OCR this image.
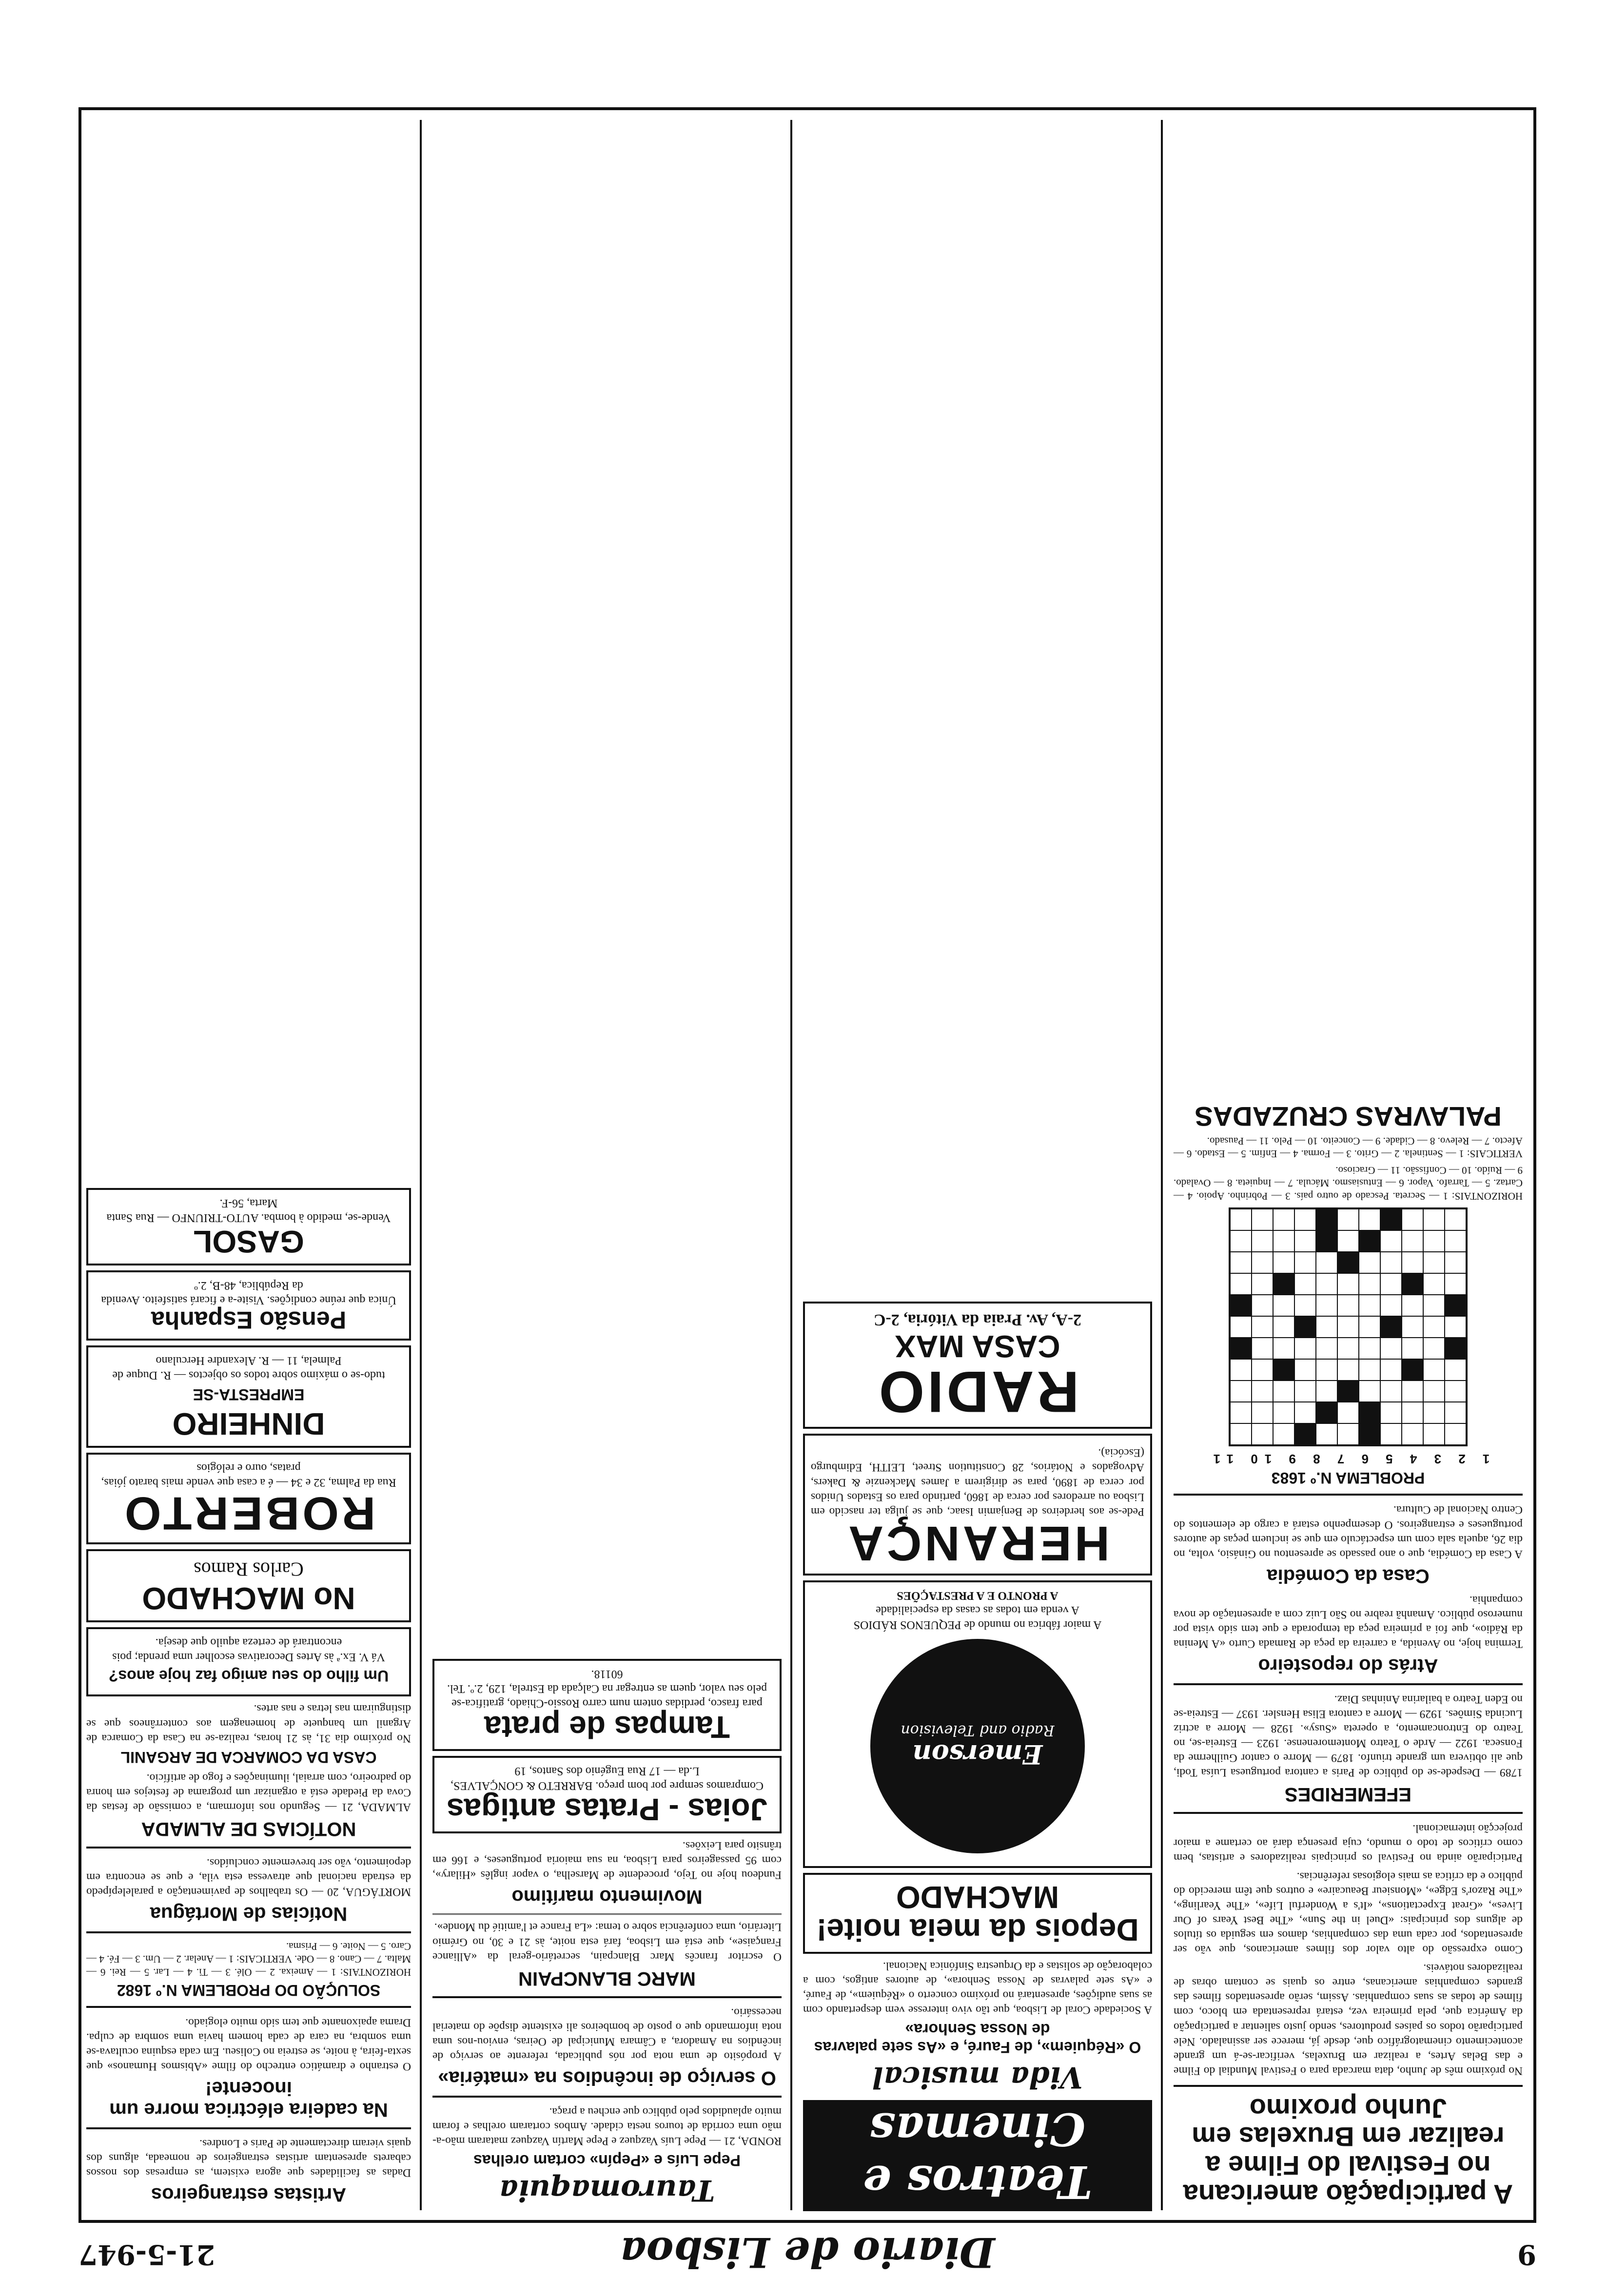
9
Diario de Lisboa
21-5-947
A participação americana no Festival do Filme a realizar em Bruxelas em Junho proximo

No próximo mês de Junho, data marcada para o Festival Mundial do Filme e das Belas Artes, a realizar em Bruxelas, verificar-se-á um grande acontecimento cinematográfico que, desde já, merece ser assinalado. Nele participarão todos os países produtores, sendo justo salientar a participação da América que, pela primeira vez, estará representada em bloco, com filmes de todas as suas companhias. Assim, serão apresentados filmes das grandes companhias americanas, entre os quais se contam obras de realizadores notáveis.

Como expressão do alto valor dos filmes americanos, que vão ser apresentados, por cada uma das companhias, damos em seguida os títulos de alguns dos principais: «Duel in the Sun», «The Best Years of Our Lives», «Great Expectations», «It's a Wonderful Life», «The Yearling», «The Razor's Edge», «Monsieur Beaucaire» e outros que têm merecido do público e da crítica as mais elogiosas referências.

Participarão ainda no Festival os principais realizadores e artistas, bem como críticos de todo o mundo, cuja presença dará ao certame a maior projecção internacional.

EFEMERIDES

1789 — Despede-se do público de Paris a cantora portuguesa Luísa Todi, que ali obtivera um grande triunfo. 1879 — Morre o cantor Guilherme da Fonseca. 1922 — Arde o Teatro Montemorenense. 1923 — Estreia-se, no Teatro do Entroncamento, a opereta «Susy». 1928 — Morre a actriz Lucinda Simões. 1929 — Morre a cantora Elisa Hensler. 1937 — Estreia-se no Eden Teatro a bailarina Aninhas Diaz.

Atrás do reposteiro

Termina hoje, no Avenida, a carreira da peça de Ramada Curto «A Menina da Rádio», que foi a primeira peça da temporada e que tem sido vista por numeroso público. Amanhã reabre no São Luiz com a apresentação de nova companhia.

Casa da Comédia

A Casa da Comédia, que o ano passado se apresentou no Ginásio, volta, no dia 26, aquela sala com um espectáculo em que se incluem peças de autores portugueses e estrangeiros. O desempenho estará a cargo de elementos do Centro Nacional de Cultura.

PROBLEMA N.º 1683
1 2 3 4 5 6 7 8 9 10 11

HORIZONTAIS: 1 — Secreta. Pescado de outro país. 3 — Pobrinho. Apoio. 4 — Cartaz. 5 — Tarrafo. Vapor. 6 — Entusiasmo. Mácula. 7 — Inquieta. 8 — Ovalado. 9 — Ruído. 10 — Confissão. 11 — Gracioso.

VERTICAIS: 1 — Sentinela. 2 — Grito. 3 — Forma. 4 — Enfim. 5 — Estado. 6 — Afecto. 7 — Relevo. 8 — Cidade. 9 — Conceito. 10 — Pelo. 11 — Pausado.

PALAVRAS CRUZADAS
Teatros e Cinemas
Vida musical
O «Réquiem», de Fauré, e «As sete palavras de Nossa Senhora»

A Sociedade Coral de Lisboa, que tão vivo interesse vem despertando com as suas audições, apresentará no próximo concerto o «Réquiem», de Fauré, e «As sete palavras de Nossa Senhora», de autores antigos, com a colaboração de solistas e da Orquestra Sinfónica Nacional.

Depois da meia noite! MACHADO
Emerson
Radio and Television
A maior fábrica no mundo de PEQUENOS RÁDIOS
A venda em todas as casas da especialidade
A PRONTO E A PRESTAÇÕES
HERANÇA

Pede-se aos herdeiros de Benjamin Isaac, que se julga ter nascido em Lisboa ou arredores por cerca de 1860, partindo para os Estados Unidos por cerca de 1890, para se dirigirem a James Mackenzie & Dakers, Advogados e Notários, 28 Constitution Street, LEITH, Edimburgo (Escócia).

RADIO
CASA MAX
2-A, Av. Praia da Vitória, 2-C
Tauromaquia
Pepe Luís e «Pepín» cortam orelhas

RONDA, 21 — Pepe Luís Vazquez e Pepe Martín Vazquez mataram mão-a-mão uma corrida de touros nesta cidade. Ambos cortaram orelhas e foram muito aplaudidos pelo público que encheu a praça.

O serviço de incêndios na «matéria»

A propósito de uma nota por nós publicada, referente ao serviço de incêndios na Amadora, a Câmara Municipal de Oeiras, enviou-nos uma nota informando que o posto de bombeiros ali existente dispõe do material necessário.

MARC BLANCPAIN

O escritor francês Marc Blancpain, secretário-geral da «Alliance Française», que está em Lisboa, fará esta noite, às 21 e 30, no Grémio Literário, uma conferência sobre o tema: «La France et l'amitié du Monde».

Movimento marítimo

Fundeou hoje no Tejo, procedente de Marselha, o vapor inglês «Hilary», com 95 passageiros para Lisboa, na sua maioria portugueses, e 166 em trânsito para Leixões.

Joias - Pratas antigas
Compramos sempre por bom preço. BARRETO & GONÇALVES, L.da — 17 Rua Eugénio dos Santos, 19
Tampas de prata
para frasco, perdidas ontem num carro Rossio-Chiado, gratifica-se pelo seu valor, quem as entregar na Calçada da Estrela, 129, 2.º. Tel. 60118.
Artistas estrangeiros

Dadas as facilidades que agora existem, as empresas dos nossos cabarets apresentam artistas estrangeiros de nomeada, alguns dos quais vieram directamente de Paris e Londres.

Na cadeira eléctrica morre um inocente!

O estranho e dramático entrecho do filme «Abismos Humanos» que sexta-feira, à noite, se estreia no Coliseu. Em cada esquina ocultava-se uma sombra, na cara de cada homem havia uma sombra de culpa. Drama apaixonante que tem sido muito elogiado.

SOLUÇÃO DO PROBLEMA N.º 1682

HORIZONTAIS: 1 — Ameixa. 2 — Olé. 3 — Ti. 4 — Lar. 5 — Rei. 6 — Malta. 7 — Cano. 8 — Ode. VERTICAIS: 1 — Anelar. 2 — Um. 3 — Fé. 4 — Caro. 5 — Noite. 6 — Prisma.

Notícias de Mortágua

MORTÁGUA, 20 — Os trabalhos de pavimentação a paralelepípedo da estrada nacional que atravessa esta vila, e que se encontra em depoimento, vão ser brevemente concluídos.

NOTÍCIAS DE ALMADA

ALMADA, 21 — Segundo nos informam, a comissão de festas da Cova da Piedade está a organizar um programa de festejos em honra do padroeiro, com arraial, iluminações e fogo de artifício.

CASA DA COMARCA DE ARGANIL

No próximo dia 31, às 21 horas, realiza-se na Casa da Comarca de Arganil um banquete de homenagem aos conterrâneos que se distinguiram nas letras e nas artes.

Um filho do seu amigo faz hoje anos?
Vá V. Ex.ª às Artes Decorativas escolher uma prenda; pois encontrará de certeza aquilo que deseja.
No MACHADO
Carlos Ramos
ROBERTO
Rua da Palma, 32 e 34 — é a casa que vende mais barato jóias, pratas, ouro e relógios
DINHEIRO
EMPRESTA-SE
tudo-se o máximo sobre todos os objectos — R. Duque de Palmela, 11 — R. Alexandre Herculano
Pensão Espanha
Única que reúne condições. Visite-a e ficará satisfeito. Avenida da República, 48-B, 2.º
GASOL
Vende-se, medido à bomba. AUTO-TRIUNFO — Rua Santa Marta, 56-F.
